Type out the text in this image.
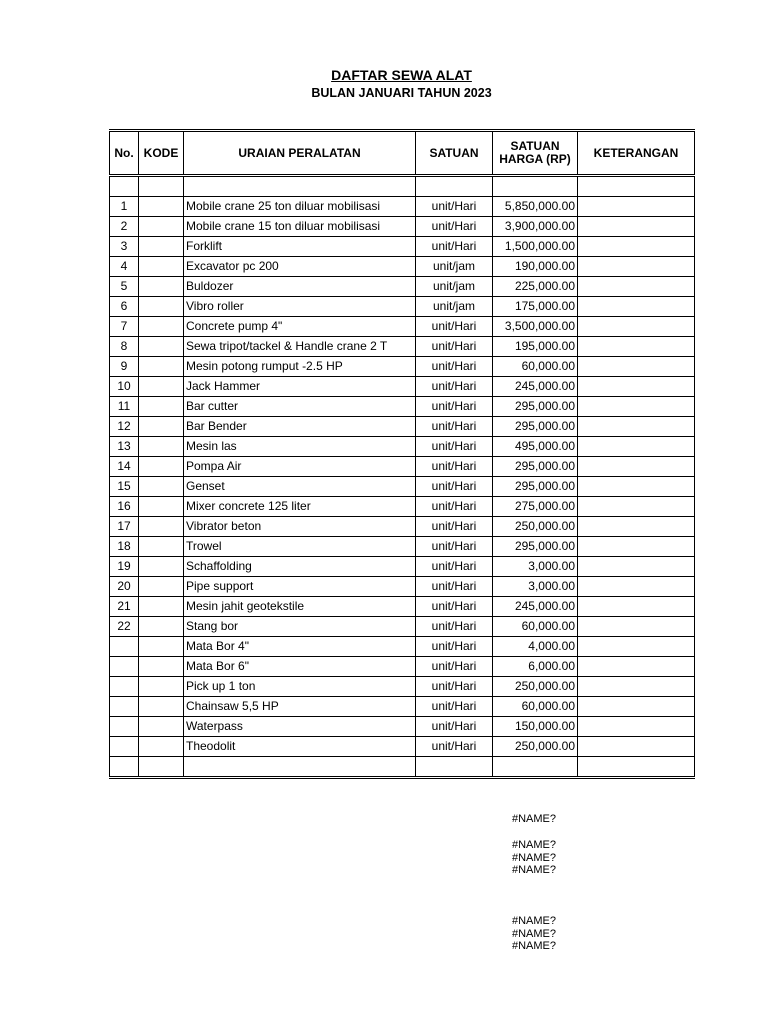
DAFTAR SEWA ALAT
BULAN JANUARI TAHUN 2023
No.	KODE	URAIAN PERALATAN	SATUAN	SATUAN HARGA (RP)	KETERANGAN

1		Mobile crane 25 ton diluar mobilisasi	unit/Hari	5,850,000.00	
2		Mobile crane 15 ton diluar mobilisasi	unit/Hari	3,900,000.00	
3		Forklift	unit/Hari	1,500,000.00	
4		Excavator pc 200	unit/jam	190,000.00	
5		Buldozer	unit/jam	225,000.00	
6		Vibro roller	unit/jam	175,000.00	
7		Concrete pump 4"	unit/Hari	3,500,000.00	
8		Sewa tripot/tackel & Handle crane 2 T	unit/Hari	195,000.00	
9		Mesin potong rumput -2.5 HP	unit/Hari	60,000.00	
10		Jack Hammer	unit/Hari	245,000.00	
11		Bar cutter	unit/Hari	295,000.00	
12		Bar Bender	unit/Hari	295,000.00	
13		Mesin las	unit/Hari	495,000.00	
14		Pompa Air	unit/Hari	295,000.00	
15		Genset	unit/Hari	295,000.00	
16		Mixer concrete 125 liter	unit/Hari	275,000.00	
17		Vibrator beton	unit/Hari	250,000.00	
18		Trowel	unit/Hari	295,000.00	
19		Schaffolding	unit/Hari	3,000.00	
20		Pipe support	unit/Hari	3,000.00	
21		Mesin jahit geotekstile	unit/Hari	245,000.00	
22		Stang bor	unit/Hari	60,000.00	
		Mata Bor 4"	unit/Hari	4,000.00	
		Mata Bor 6"	unit/Hari	6,000.00	
		Pick up 1 ton	unit/Hari	250,000.00	
		Chainsaw 5,5 HP	unit/Hari	60,000.00	
		Waterpass	unit/Hari	150,000.00	
		Theodolit	unit/Hari	250,000.00	

#NAME?
#NAME?
#NAME?
#NAME?
#NAME?
#NAME?
#NAME?
